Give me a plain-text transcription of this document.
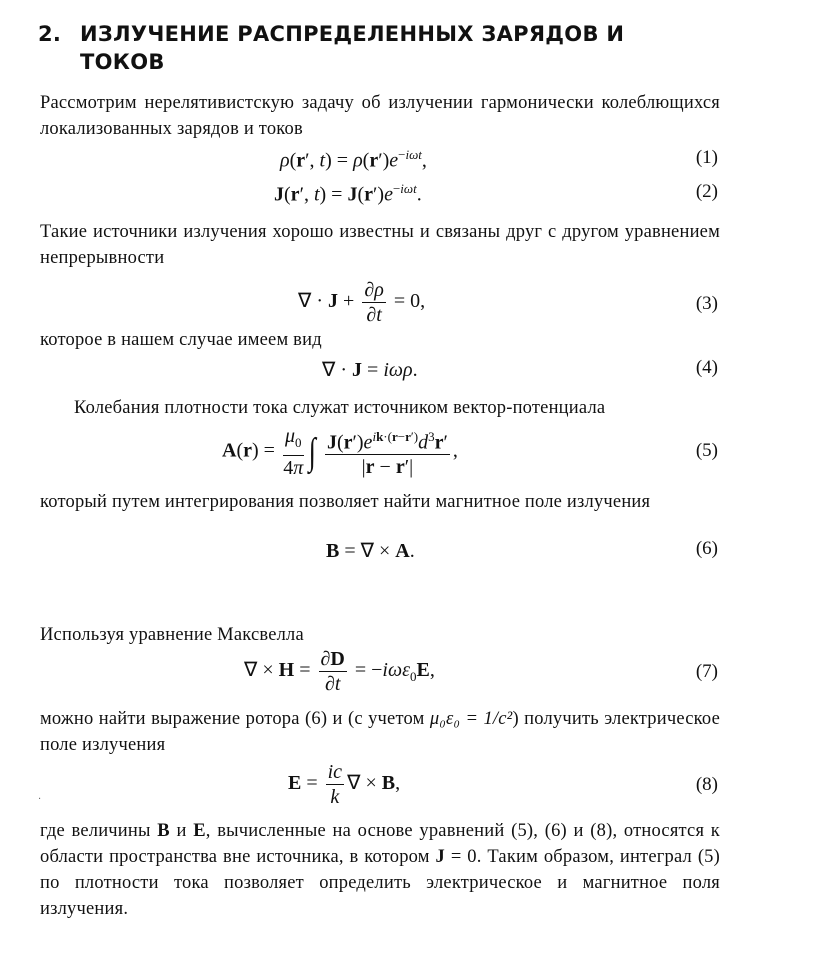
2. ИЗЛУЧЕНИЕ РАСПРЕДЕЛЕННЫХ ЗАРЯДОВ И
ТОКОВ
Рассмотрим нерелятивистскую задачу об излучении гармонически колеблющихся локализованных зарядов и токов
ρ(r′, $t) = \rho(r')e^{-i\omega t}$,	(1)
J(r′, $t) = J(r')e^{-i\omega t}$.	(2)
Такие источники излучения хорошо известны и связаны друг с другом уравнением непрерывности
∇ · $J + \frac{\partial\rho}{\partial t} = 0$,	(3)
которое в нашем случае имеем вид
∇ · J = iωρ.	(4)
Колебания плотности тока служат источником вектор-потенциала
$A(r) = \frac{\mu_0}{4\pi}$ ∫ $\frac{J(r')e^{ik\cdot(r-r')}d^3r'}{|r - r'|}$ ,	(5)
который путем интегрирования позволяет найти магнитное поле излучения
B = ∇ × A.	(6)
Используя уравнение Максвелла
∇ × $H = \frac{\partial D}{\partial t} = -i\omega\varepsilon_0E$,	(7)
можно найти выражение ротора (6) и (с учетом μ₀ε₀ = 1/c²) получить электрическое поле излучения
$E = \frac{ic}{k}$ ∇ × B,	(8)
·
где величины B и E, вычисленные на основе уравнений (5), (6) и (8), относятся к области пространства вне источника, в котором J = 0. Таким образом, интеграл (5) по плотности тока позволяет определить электрическое и магнитное поля излучения.
